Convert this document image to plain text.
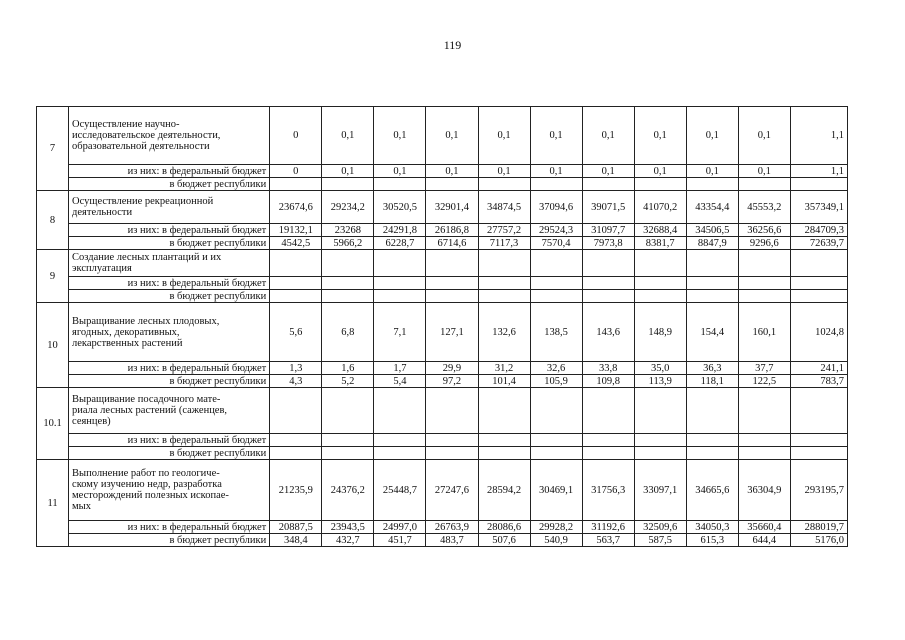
119
7	Осуществление научно-
исследовательское деятельности,
образовательной деятельности	0	0,1	0,1	0,1	0,1	0,1	0,1	0,1	0,1	0,1	1,1
	из них: в федеральный бюджет	0	0,1	0,1	0,1	0,1	0,1	0,1	0,1	0,1	0,1	1,1
	в бюджет республики											
8	Осуществление рекреационной
деятельности	23674,6	29234,2	30520,5	32901,4	34874,5	37094,6	39071,5	41070,2	43354,4	45553,2	357349,1
	из них: в федеральный бюджет	19132,1	23268	24291,8	26186,8	27757,2	29524,3	31097,7	32688,4	34506,5	36256,6	284709,3
	в бюджет республики	4542,5	5966,2	6228,7	6714,6	7117,3	7570,4	7973,8	8381,7	8847,9	9296,6	72639,7
9	Создание лесных плантаций и их
эксплуатация											

	из них: в федеральный бюджет											
	в бюджет республики											
10	Выращивание лесных плодовых,
ягодных, декоративных,
лекарственных растений	5,6	6,8	7,1	127,1	132,6	138,5	143,6	148,9	154,4	160,1	1024,8
	из них: в федеральный бюджет	1,3	1,6	1,7	29,9	31,2	32,6	33,8	35,0	36,3	37,7	241,1
	в бюджет республики	4,3	5,2	5,4	97,2	101,4	105,9	109,8	113,9	118,1	122,5	783,7
10.1	Выращивание посадочного мате-
риала лесных растений (саженцев,
сеянцев)											

	из них: в федеральный бюджет											
	в бюджет республики											
11	Выполнение работ по геологиче-
скому изучению недр, разработка
месторождений полезных ископае-
мых	21235,9	24376,2	25448,7	27247,6	28594,2	30469,1	31756,3	33097,1	34665,6	36304,9	293195,7
	из них: в федеральный бюджет	20887,5	23943,5	24997,0	26763,9	28086,6	29928,2	31192,6	32509,6	34050,3	35660,4	288019,7
	в бюджет республики	348,4	432,7	451,7	483,7	507,6	540,9	563,7	587,5	615,3	644,4	5176,0
